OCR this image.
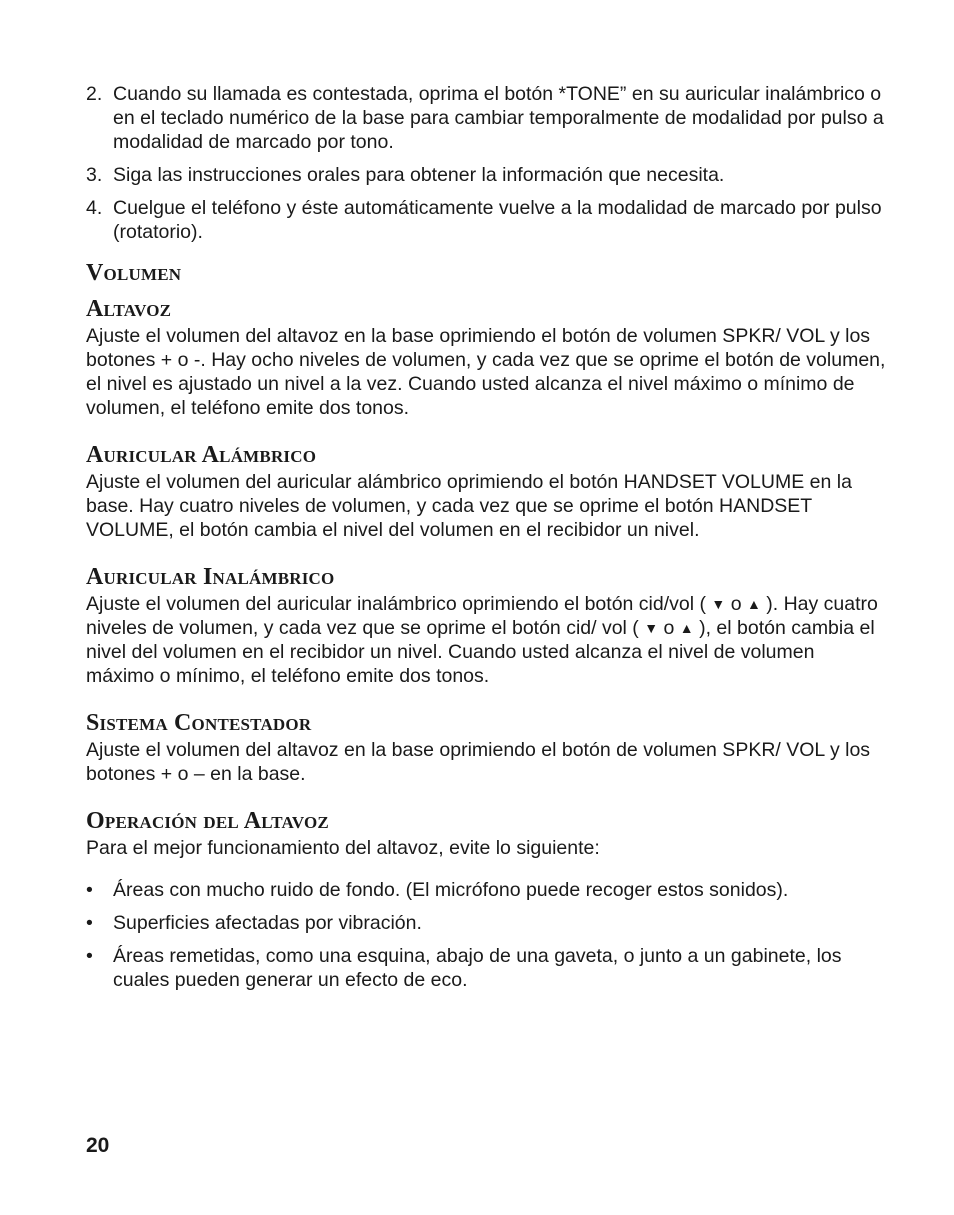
2. Cuando su llamada es contestada, oprima el botón *TONE” en su auricular inalámbrico o en el teclado numérico de la base para cambiar temporalmente de modalidad por pulso a modalidad de marcado por tono.

3. Siga las instrucciones orales para obtener la información que necesita.

4. Cuelgue el teléfono y éste automáticamente vuelve a la modalidad de marcado por pulso (rotatorio).

Volumen
Altavoz

Ajuste el volumen del altavoz en la base oprimiendo el botón de volumen SPKR/ VOL y los botones + o -. Hay ocho niveles de volumen, y cada vez que se oprime el botón de volumen, el nivel es ajustado un nivel a la vez. Cuando usted alcanza el nivel máximo o mínimo de volumen, el teléfono emite dos tonos.

Auricular Alámbrico

Ajuste el volumen del auricular alámbrico oprimiendo el botón HANDSET VOLUME en la base. Hay cuatro niveles de volumen, y cada vez que se oprime el botón HANDSET VOLUME, el botón cambia el nivel del volumen en el recibidor un nivel.

Auricular Inalámbrico

Ajuste el volumen del auricular inalámbrico oprimiendo el botón cid/vol ( ▼ o ▲ ). Hay cuatro niveles de volumen, y cada vez que se oprime el botón cid/ vol ( ▼ o ▲ ), el botón cambia el nivel del volumen en el recibidor un nivel. Cuando usted alcanza el nivel de volumen máximo o mínimo, el teléfono emite dos tonos.

Sistema Contestador

Ajuste el volumen del altavoz en la base oprimiendo el botón de volumen SPKR/ VOL y los botones + o – en la base.

Operación del Altavoz

Para el mejor funcionamiento del altavoz, evite lo siguiente:

• Áreas con mucho ruido de fondo. (El micrófono puede recoger estos sonidos).
• Superficies afectadas por vibración.
• Áreas remetidas, como una esquina, abajo de una gaveta, o junto a un gabinete, los cuales pueden generar un efecto de eco.
20
